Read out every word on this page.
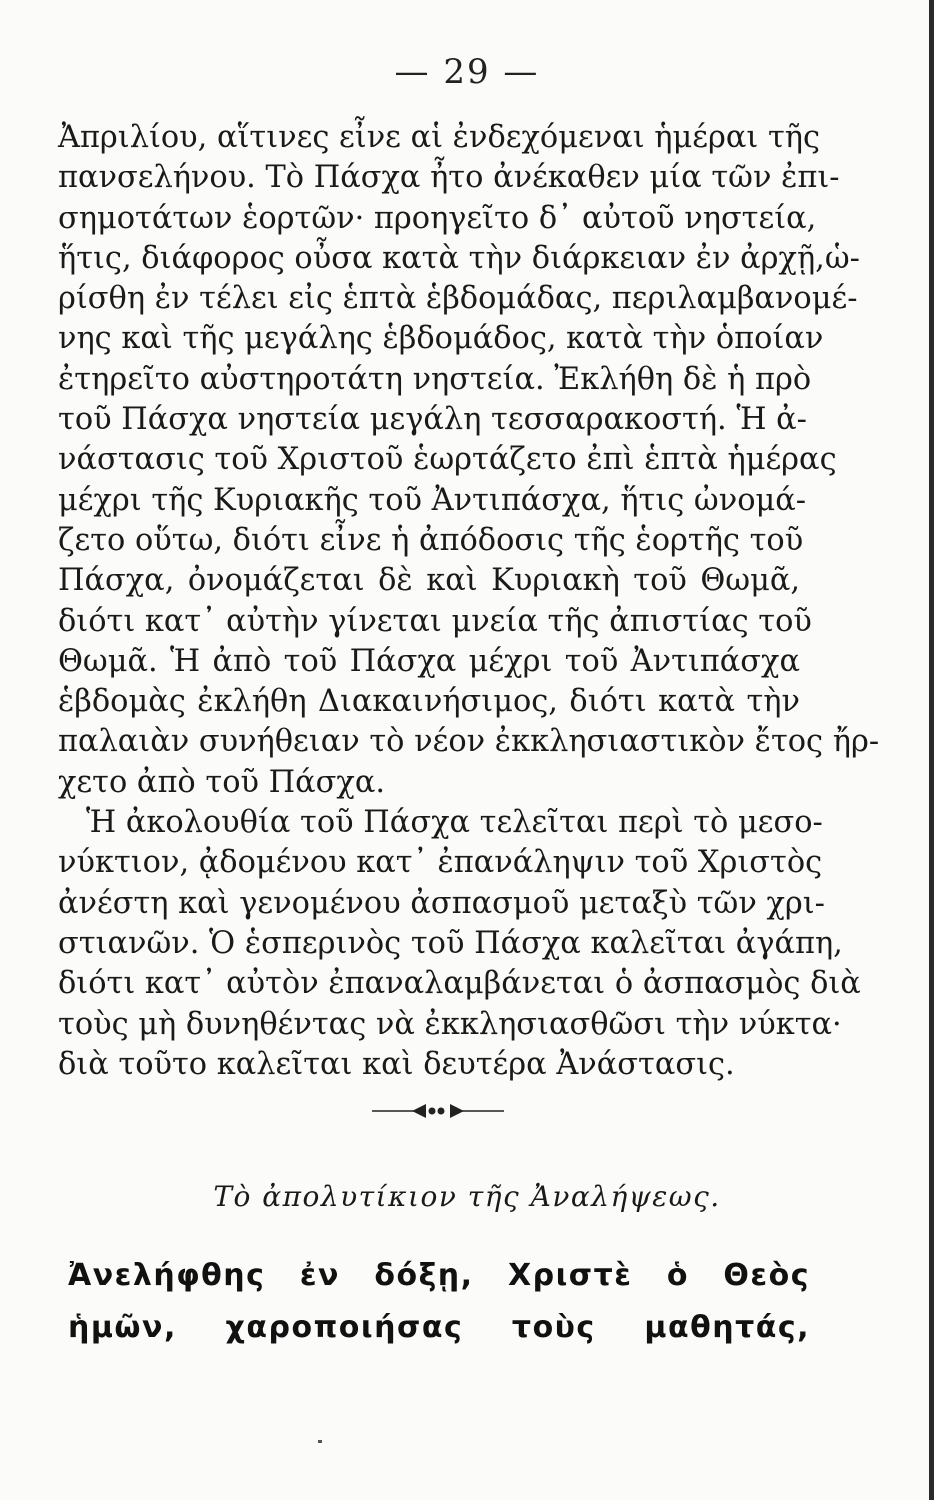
— 29 —
Ἀπριλίου, αἵτινες εἶνε αἱ ἐνδεχόμεναι ἡμέραι τῆς
πανσελήνου. Τὸ Πάσχα ἦτο ἀνέκαθεν μία τῶν ἐπι-
σημοτάτων ἑορτῶν· προηγεῖτο δ᾿ αὐτοῦ νηστεία,
ἥτις, διάφορος οὖσα κατὰ τὴν διάρκειαν ἐν ἀρχῇ,ὡ-
ρίσθη ἐν τέλει εἰς ἑπτὰ ἑβδομάδας, περιλαμβανομέ-
νης καὶ τῆς μεγάλης ἑβδομάδος, κατὰ τὴν ὁποίαν
ἐτηρεῖτο αὐστηροτάτη νηστεία. Ἐκλήθη δὲ ἡ πρὸ
τοῦ Πάσχα νηστεία μεγάλη τεσσαρακοστή. Ἡ ἀ-
νάστασις τοῦ Χριστοῦ ἑωρτάζετο ἐπὶ ἑπτὰ ἡμέρας
μέχρι τῆς Κυριακῆς τοῦ Ἀντιπάσχα, ἥτις ὠνομά-
ζετο οὕτω, διότι εἶνε ἡ ἀπόδοσις τῆς ἑορτῆς τοῦ
Πάσχα, ὀνομάζεται δὲ καὶ Κυριακὴ τοῦ Θωμᾶ,
διότι κατ᾿ αὐτὴν γίνεται μνεία τῆς ἀπιστίας τοῦ
Θωμᾶ. Ἡ ἀπὸ τοῦ Πάσχα μέχρι τοῦ Ἀντιπάσχα
ἑβδομὰς ἐκλήθη Διακαινήσιμος, διότι κατὰ τὴν
παλαιὰν συνήθειαν τὸ νέον ἐκκλησιαστικὸν ἔτος ἤρ-
χετο ἀπὸ τοῦ Πάσχα.
Ἡ ἀκολουθία τοῦ Πάσχα τελεῖται περὶ τὸ μεσο-
νύκτιον, ᾀδομένου κατ᾿ ἐπανάληψιν τοῦ Χριστὸς
ἀνέστη καὶ γενομένου ἀσπασμοῦ μεταξὺ τῶν χρι-
στιανῶν. Ὁ ἑσπερινὸς τοῦ Πάσχα καλεῖται ἀγάπη,
διότι κατ᾿ αὐτὸν ἐπαναλαμβάνεται ὁ ἀσπασμὸς διὰ
τοὺς μὴ δυνηθέντας νὰ ἐκκλησιασθῶσι τὴν νύκτα·
διὰ τοῦτο καλεῖται καὶ δευτέρα Ἀνάστασις.
Τὸ ἀπολυτίκιον τῆς Ἀναλήψεως.
Ἀνελήφθης ἐν δόξῃ, Χριστὲ ὁ Θεὸς
ἡμῶν, χαροποιήσας τοὺς μαθητάς,
